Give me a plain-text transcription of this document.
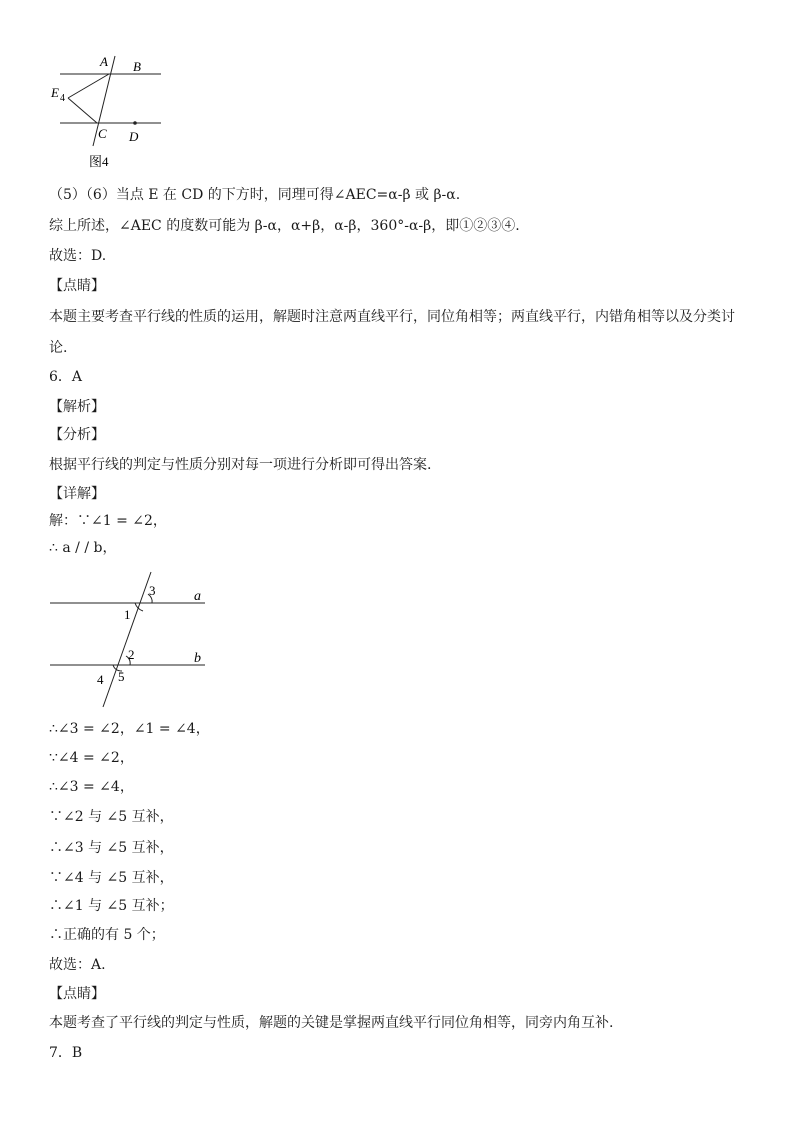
A B
E 4
C D
图4
（5）（6）当点 E 在 CD 的下方时，同理可得∠AEC=α-β 或 β-α.
综上所述，∠AEC 的度数可能为 β-α，α+β，α-β，360°-α-β，即①②③④.
故选：D.
【点睛】
本题主要考查平行线的性质的运用，解题时注意两直线平行，同位角相等；两直线平行，内错角相等以及分类讨
论.
6．A
【解析】
【分析】
根据平行线的判定与性质分别对每一项进行分析即可得出答案.
【详解】
解：∵∠1 = ∠2，
∴ a / / b，
3
1
a
2	b
4 5
∴∠3 = ∠2，∠1 = ∠4，
∵∠4 = ∠2，
∴∠3 = ∠4，
∵∠2 与 ∠5 互补，
∴∠3 与 ∠5 互补，
∵∠4 与 ∠5 互补，
∴∠1 与 ∠5 互补；
∴正确的有 5 个；
故选：A.
【点睛】
本题考查了平行线的判定与性质，解题的关键是掌握两直线平行同位角相等，同旁内角互补.
7．B
